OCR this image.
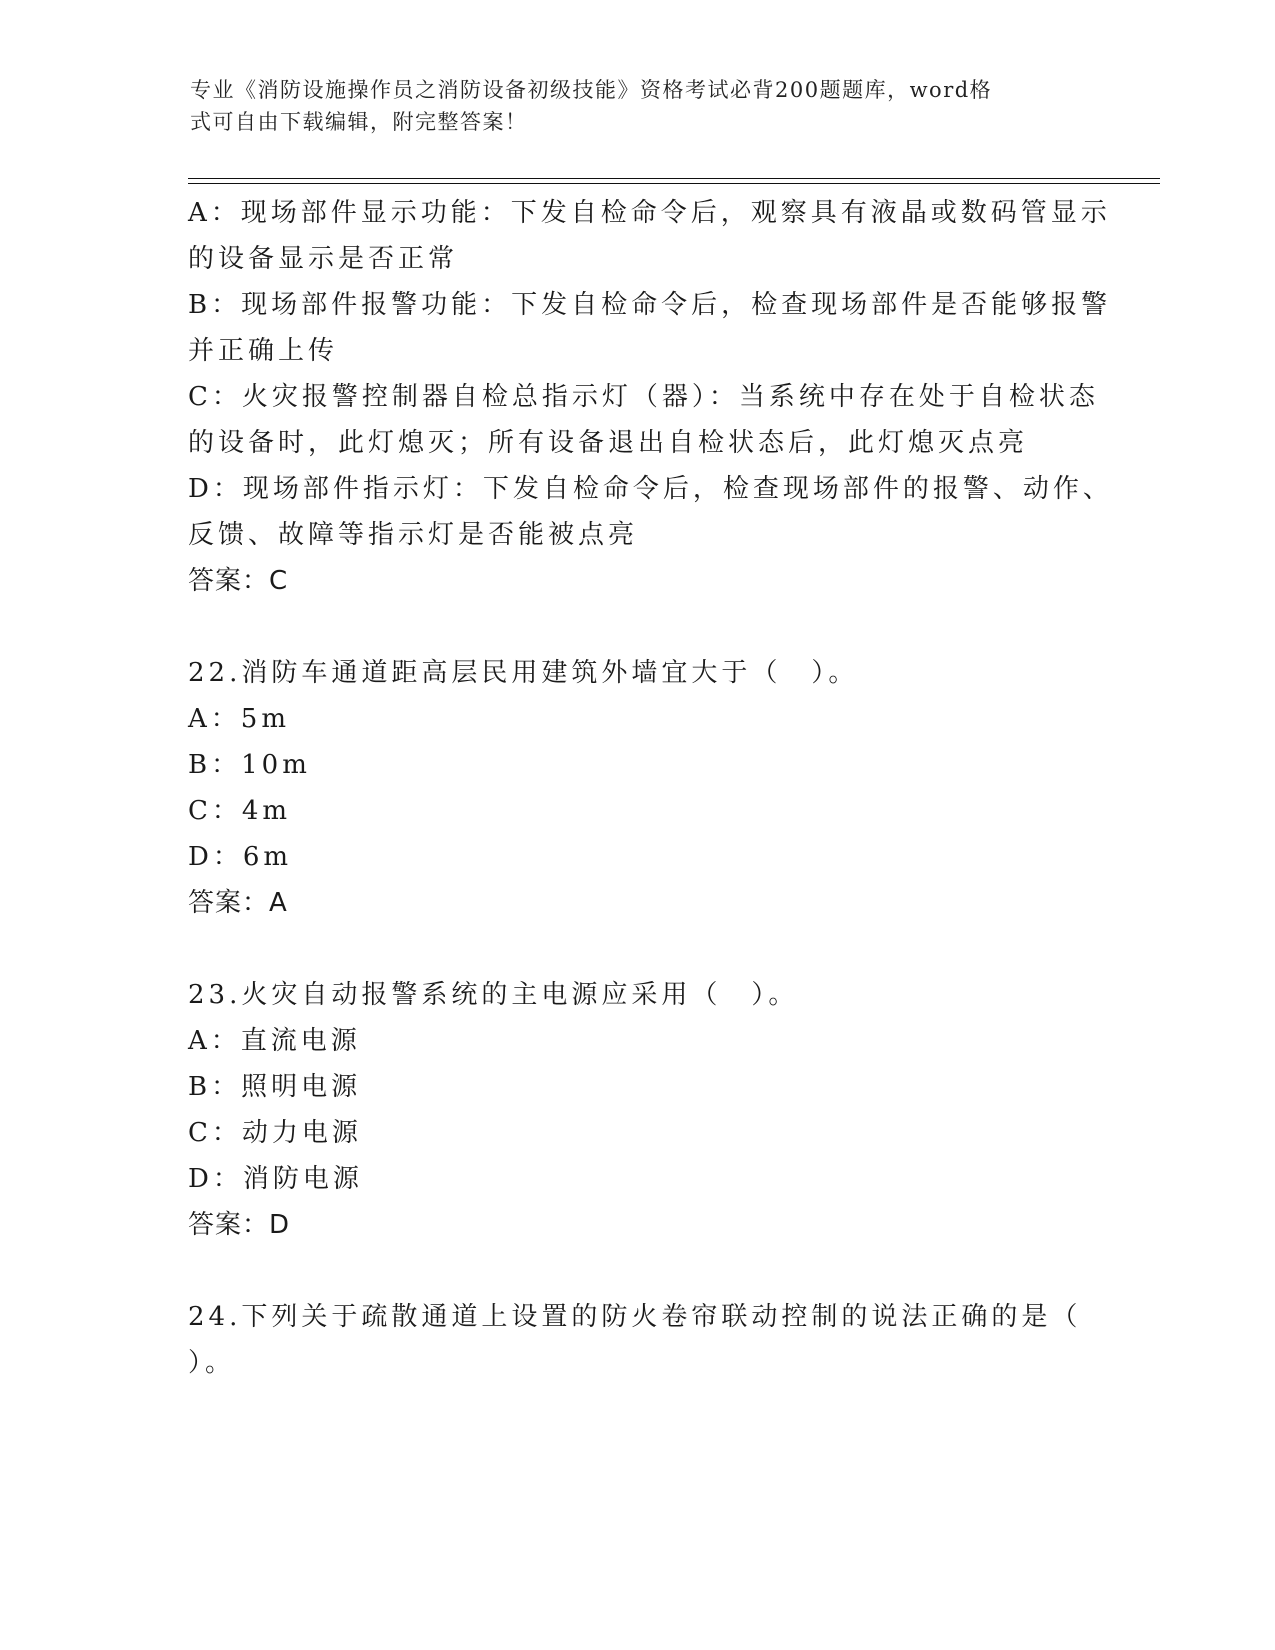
专业《消防设施操作员之消防设备初级技能》资格考试必背200题题库，word格
式可自由下载编辑，附完整答案！

A：现场部件显示功能：下发自检命令后，观察具有液晶或数码管显示

的设备显示是否正常

B：现场部件报警功能：下发自检命令后，检查现场部件是否能够报警

并正确上传

C：火灾报警控制器自检总指示灯（器）：当系统中存在处于自检状态

的设备时，此灯熄灭；所有设备退出自检状态后，此灯熄灭点亮

D：现场部件指示灯：下发自检命令后，检查现场部件的报警、动作、

反馈、故障等指示灯是否能被点亮

答案：C

22.消防车通道距高层民用建筑外墙宜大于（　）。

A：5m

B：10m

C：4m

D：6m

答案：A

23.火灾自动报警系统的主电源应采用（　）。

A：直流电源

B：照明电源

C：动力电源

D：消防电源

答案：D

24.下列关于疏散通道上设置的防火卷帘联动控制的说法正确的是（

）。
